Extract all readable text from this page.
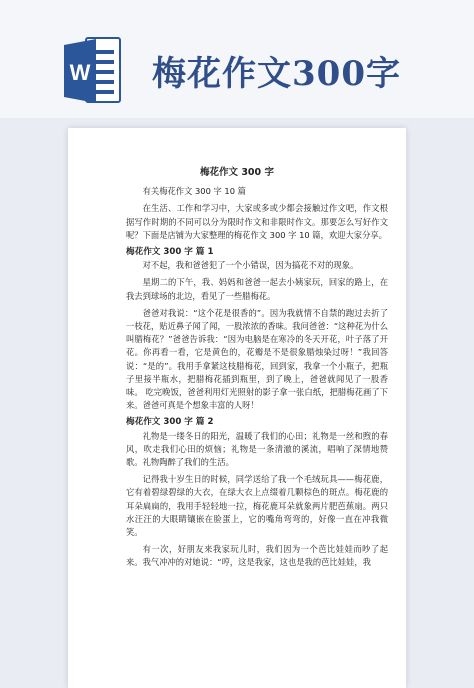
W 梅花作文300字
梅花作文 300 字

有关梅花作文 300 字 10 篇

在生活、工作和学习中，大家或多或少都会接触过作文吧，作文根据写作时期的不同可以分为限时作文和非限时作文。那要怎么写好作文呢？下面是店铺为大家整理的梅花作文 300 字 10 篇，欢迎大家分享。

梅花作文 300 字 篇 1

对不起，我和爸爸犯了一个小错误，因为搞花不对的现象。

星期二的下午，我、妈妈和爸爸一起去小姨家玩，回家的路上，在我去到球场的北边，看见了一些腊梅花。

爸爸对我说：“这个花是很香的”。因为我就情不自禁的跑过去折了一枝花，贴近鼻子闻了闻，一股浓浓的香味。我问爸爸：“这种花为什么叫腊梅花？”爸爸告诉我：“因为电脑是在寒冷的冬天开花，叶子落了开花。你再看一看，它是黄色的，花瓣是不是很象腊烛染过呀！”我回答说：“是的”。我用手拿紧这枝腊梅花，回到家，我拿一个小瓶子，把瓶子里接半瓶水，把腊梅花插到瓶里，到了晚上，爸爸就闻见了一股香味。 吃完晚饭，爸爸利用灯光照射的影子拿一张白纸，把腊梅花画了下来。爸爸可真是个想象丰富的人呀！

梅花作文 300 字 篇 2

礼物是一缕冬日的阳光，温暖了我们的心田；礼物是一丝和煦的春风，吹走我们心田的烦恼；礼物是一条清澈的溪流，唱响了深情地赞歌。礼物陶醉了我们的生活。

记得我十岁生日的时候，同学送给了我一个毛绒玩具——梅花鹿，它有着碧绿碧绿的大衣，在绿大衣上点缀着几颗棕色的斑点。梅花鹿的耳朵扁扁的，我用手轻轻地一拉，梅花鹿耳朵就象两片肥芭蕉扇。两只水汪汪的大眼睛镶嵌在脸蛋上，它的嘴角弯弯的，好像一直在冲我微笑。

有一次，好朋友来我家玩儿时，我们因为一个芭比娃娃而吵了起来。我气冲冲的对她说：“哼，这是我家，这也是我的芭比娃娃，我
